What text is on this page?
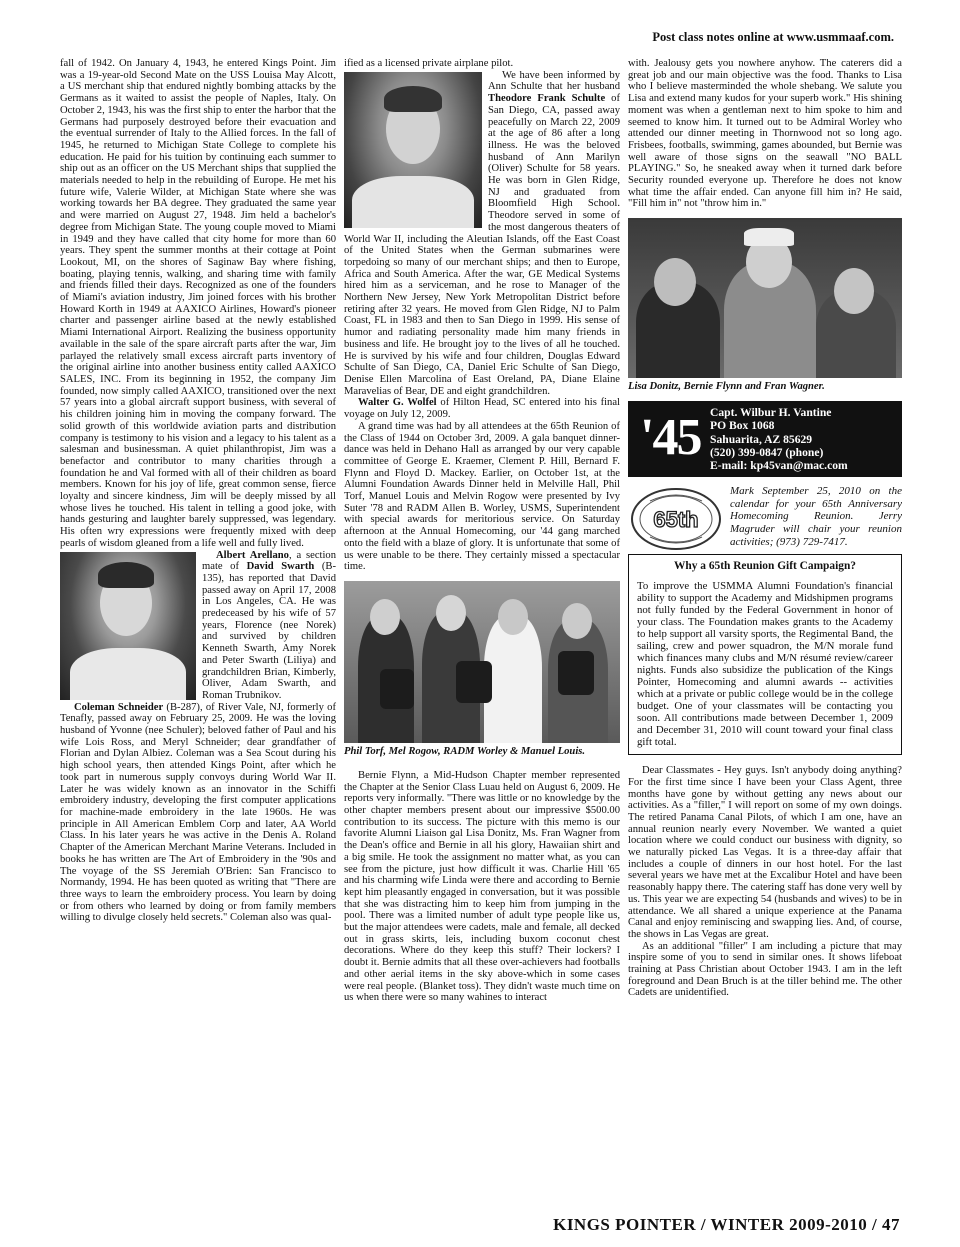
Post class notes online at www.usmmaaf.com.

fall of 1942. On January 4, 1943, he entered Kings Point. Jim was a 19-year-old Second Mate on the USS Louisa May Alcott, a US merchant ship that endured nightly bombing attacks by the Germans as it waited to assist the people of Naples, Italy. On October 2, 1943, his was the first ship to enter the harbor that the Germans had purposely destroyed before their evacuation and the eventual surrender of Italy to the Allied forces. In the fall of 1945, he returned to Michigan State College to complete his education. He paid for his tuition by continuing each summer to ship out as an officer on the US Merchant ships that supplied the materials needed to help in the rebuilding of Europe. He met his future wife, Valerie Wilder, at Michigan State where she was working towards her BA degree. They graduated the same year and were married on August 27, 1948. Jim held a bachelor's degree from Michigan State. The young couple moved to Miami in 1949 and they have called that city home for more than 60 years. They spent the summer months at their cottage at Point Lookout, MI, on the shores of Saginaw Bay where fishing, boating, playing tennis, walking, and sharing time with family and friends filled their days. Recognized as one of the founders of Miami's aviation industry, Jim joined forces with his brother Howard Korth in 1949 at AAXICO Airlines, Howard's pioneer charter and passenger airline based at the newly established Miami International Airport. Realizing the business opportunity available in the sale of the spare aircraft parts after the war, Jim parlayed the relatively small excess aircraft parts inventory of the original airline into another business entity called AAXICO SALES, INC. From its beginning in 1952, the company Jim founded, now simply called AAXICO, transitioned over the next 57 years into a global aircraft support business, with several of his children joining him in moving the company forward. The solid growth of this worldwide aviation parts and distribution company is testimony to his vision and a legacy to his talent as a salesman and businessman. A quiet philanthropist, Jim was a benefactor and contributor to many charities through a foundation he and Val formed with all of their children as board members. Known for his joy of life, great common sense, fierce loyalty and sincere kindness, Jim will be deeply missed by all whose lives he touched. His talent in telling a good joke, with hands gesturing and laughter barely suppressed, was legendary. His often wry expressions were frequently mixed with deep pearls of wisdom gleaned from a life well and fully lived.

Albert Arellano, a section mate of David Swarth (B-135), has reported that David passed away on April 17, 2008 in Los Angeles, CA. He was predeceased by his wife of 57 years, Florence (nee Norek) and survived by children Kenneth Swarth, Amy Norek and Peter Swarth (Liliya) and grandchildren Brian, Kimberly, Oliver, Adam Swarth, and Roman Trubnikov.

Coleman Schneider (B-287), of River Vale, NJ, formerly of Tenafly, passed away on February 25, 2009. He was the loving husband of Yvonne (nee Schuler); beloved father of Paul and his wife Lois Ross, and Meryl Schneider; dear grandfather of Florian and Dylan Albiez. Coleman was a Sea Scout during his high school years, then attended Kings Point, after which he took part in numerous supply convoys during World War II. Later he was widely known as an innovator in the Schiffi embroidery industry, developing the first computer applications for machine-made embroidery in the late 1960s. He was principle in All American Emblem Corp and later, AA World Class. In his later years he was active in the Denis A. Roland Chapter of the American Merchant Marine Veterans. Included in books he has written are The Art of Embroidery in the '90s and The voyage of the SS Jeremiah O'Brien: San Francisco to Normandy, 1994. He has been quoted as writing that "There are three ways to learn the embroidery process. You learn by doing or from others who learned by doing or from family members willing to divulge closely held secrets." Coleman also was qual-

ified as a licensed private airplane pilot.

We have been informed by Ann Schulte that her husband Theodore Frank Schulte of San Diego, CA, passed away peacefully on March 22, 2009 at the age of 86 after a long illness. He was the beloved husband of Ann Marilyn (Oliver) Schulte for 58 years. He was born in Glen Ridge, NJ and graduated from Bloomfield High School. Theodore served in some of the most dangerous theaters of World War II, including the Aleutian Islands, off the East Coast of the United States when the German submarines were torpedoing so many of our merchant ships; and then to Europe, Africa and South America. After the war, GE Medical Systems hired him as a serviceman, and he rose to Manager of the Northern New Jersey, New York Metropolitan District before retiring after 32 years. He moved from Glen Ridge, NJ to Palm Coast, FL in 1983 and then to San Diego in 1999. His sense of humor and radiating personality made him many friends in business and life. He brought joy to the lives of all he touched. He is survived by his wife and four children, Douglas Edward Schulte of San Diego, CA, Daniel Eric Schulte of San Diego, Denise Ellen Marcolina of East Oreland, PA, Diane Elaine Maravelias of Bear, DE and eight grandchildren.

Walter G. Wolfel of Hilton Head, SC entered into his final voyage on July 12, 2009.

A grand time was had by all attendees at the 65th Reunion of the Class of 1944 on October 3rd, 2009. A gala banquet dinner-dance was held in Dehano Hall as arranged by our very capable committee of George E. Kraemer, Clement P. Hill, Bernard F. Flynn and Floyd D. Mackey. Earlier, on October 1st, at the Alumni Foundation Awards Dinner held in Melville Hall, Phil Torf, Manuel Louis and Melvin Rogow were presented by Ivy Suter '78 and RADM Allen B. Worley, USMS, Superintendent with special awards for meritorious service. On Saturday afternoon at the Annual Homecoming, our '44 gang marched onto the field with a blaze of glory. It is unfortunate that some of us were unable to be there. They certainly missed a spectacular time.

Phil Torf, Mel Rogow, RADM Worley & Manuel Louis.

Bernie Flynn, a Mid-Hudson Chapter member represented the Chapter at the Senior Class Luau held on August 6, 2009. He reports very informally. "There was little or no knowledge by the other chapter members present about our impressive $500.00 contribution to its success. The picture with this memo is our favorite Alumni Liaison gal Lisa Donitz, Ms. Fran Wagner from the Dean's office and Bernie in all his glory, Hawaiian shirt and a big smile. He took the assignment no matter what, as you can see from the picture, just how difficult it was. Charlie Hill '65 and his charming wife Linda were there and according to Bernie kept him pleasantly engaged in conversation, but it was possible that she was distracting him to keep him from jumping in the pool. There was a limited number of adult type people like us, but the major attendees were cadets, male and female, all decked out in grass skirts, leis, including buxom coconut chest decorations. Where do they keep this stuff? Their lockers? I doubt it. Bernie admits that all these over-achievers had footballs and other aerial items in the sky above-which in some cases were real people. (Blanket toss). They didn't waste much time on us when there were so many wahines to interact

with. Jealousy gets you nowhere anyhow. The caterers did a great job and our main objective was the food. Thanks to Lisa who I believe masterminded the whole shebang. We salute you Lisa and extend many kudos for your superb work." His shining moment was when a gentleman next to him spoke to him and seemed to know him. It turned out to be Admiral Worley who attended our dinner meeting in Thornwood not so long ago. Frisbees, footballs, swimming, games abounded, but Bernie was well aware of those signs on the seawall "NO BALL PLAYING." So, he sneaked away when it turned dark before Security rounded everyone up. Therefore he does not know what time the affair ended. Can anyone fill him in? He said, "Fill him in" not "throw him in."

Lisa Donitz, Bernie Flynn and Fran Wagner.
'45 Capt. Wilbur H. Vantine
PO Box 1068
Sahuarita, AZ 85629
(520) 399-0847 (phone)
E-mail: kp45van@mac.com
65th

Mark September 25, 2010 on the calendar for your 65th Anniversary Homecoming Reunion. Jerry Magruder will chair your reunion activities; (973) 729-7417.

Why a 65th Reunion Gift Campaign?

To improve the USMMA Alumni Foundation's financial ability to support the Academy and Midshipmen programs not fully funded by the Federal Government in honor of your class. The Foundation makes grants to the Academy to help support all varsity sports, the Regimental Band, the sailing, crew and power squadron, the M/N morale fund which finances many clubs and M/N résumé review/career nights. Funds also subsidize the publication of the Kings Pointer, Homecoming and alumni awards -- activities which at a private or public college would be in the college budget. One of your classmates will be contacting you soon. All contributions made between December 1, 2009 and December 31, 2010 will count toward your final class gift total.

Dear Classmates - Hey guys. Isn't anybody doing anything? For the first time since I have been your Class Agent, three months have gone by without getting any news about our activities. As a "filler," I will report on some of my own doings. The retired Panama Canal Pilots, of which I am one, have an annual reunion nearly every November. We wanted a quiet location where we could conduct our business with dignity, so we naturally picked Las Vegas. It is a three-day affair that includes a couple of dinners in our host hotel. For the last several years we have met at the Excalibur Hotel and have been reasonably happy there. The catering staff has done very well by us. This year we are expecting 54 (husbands and wives) to be in attendance. We all shared a unique experience at the Panama Canal and enjoy reminiscing and swapping lies. And, of course, the shows in Las Vegas are great.

As an additional "filler" I am including a picture that may inspire some of you to send in similar ones. It shows lifeboat training at Pass Christian about October 1943. I am in the left foreground and Dean Bruch is at the tiller behind me. The other Cadets are unidentified.

KINGS POINTER / WINTER 2009-2010 / 47
